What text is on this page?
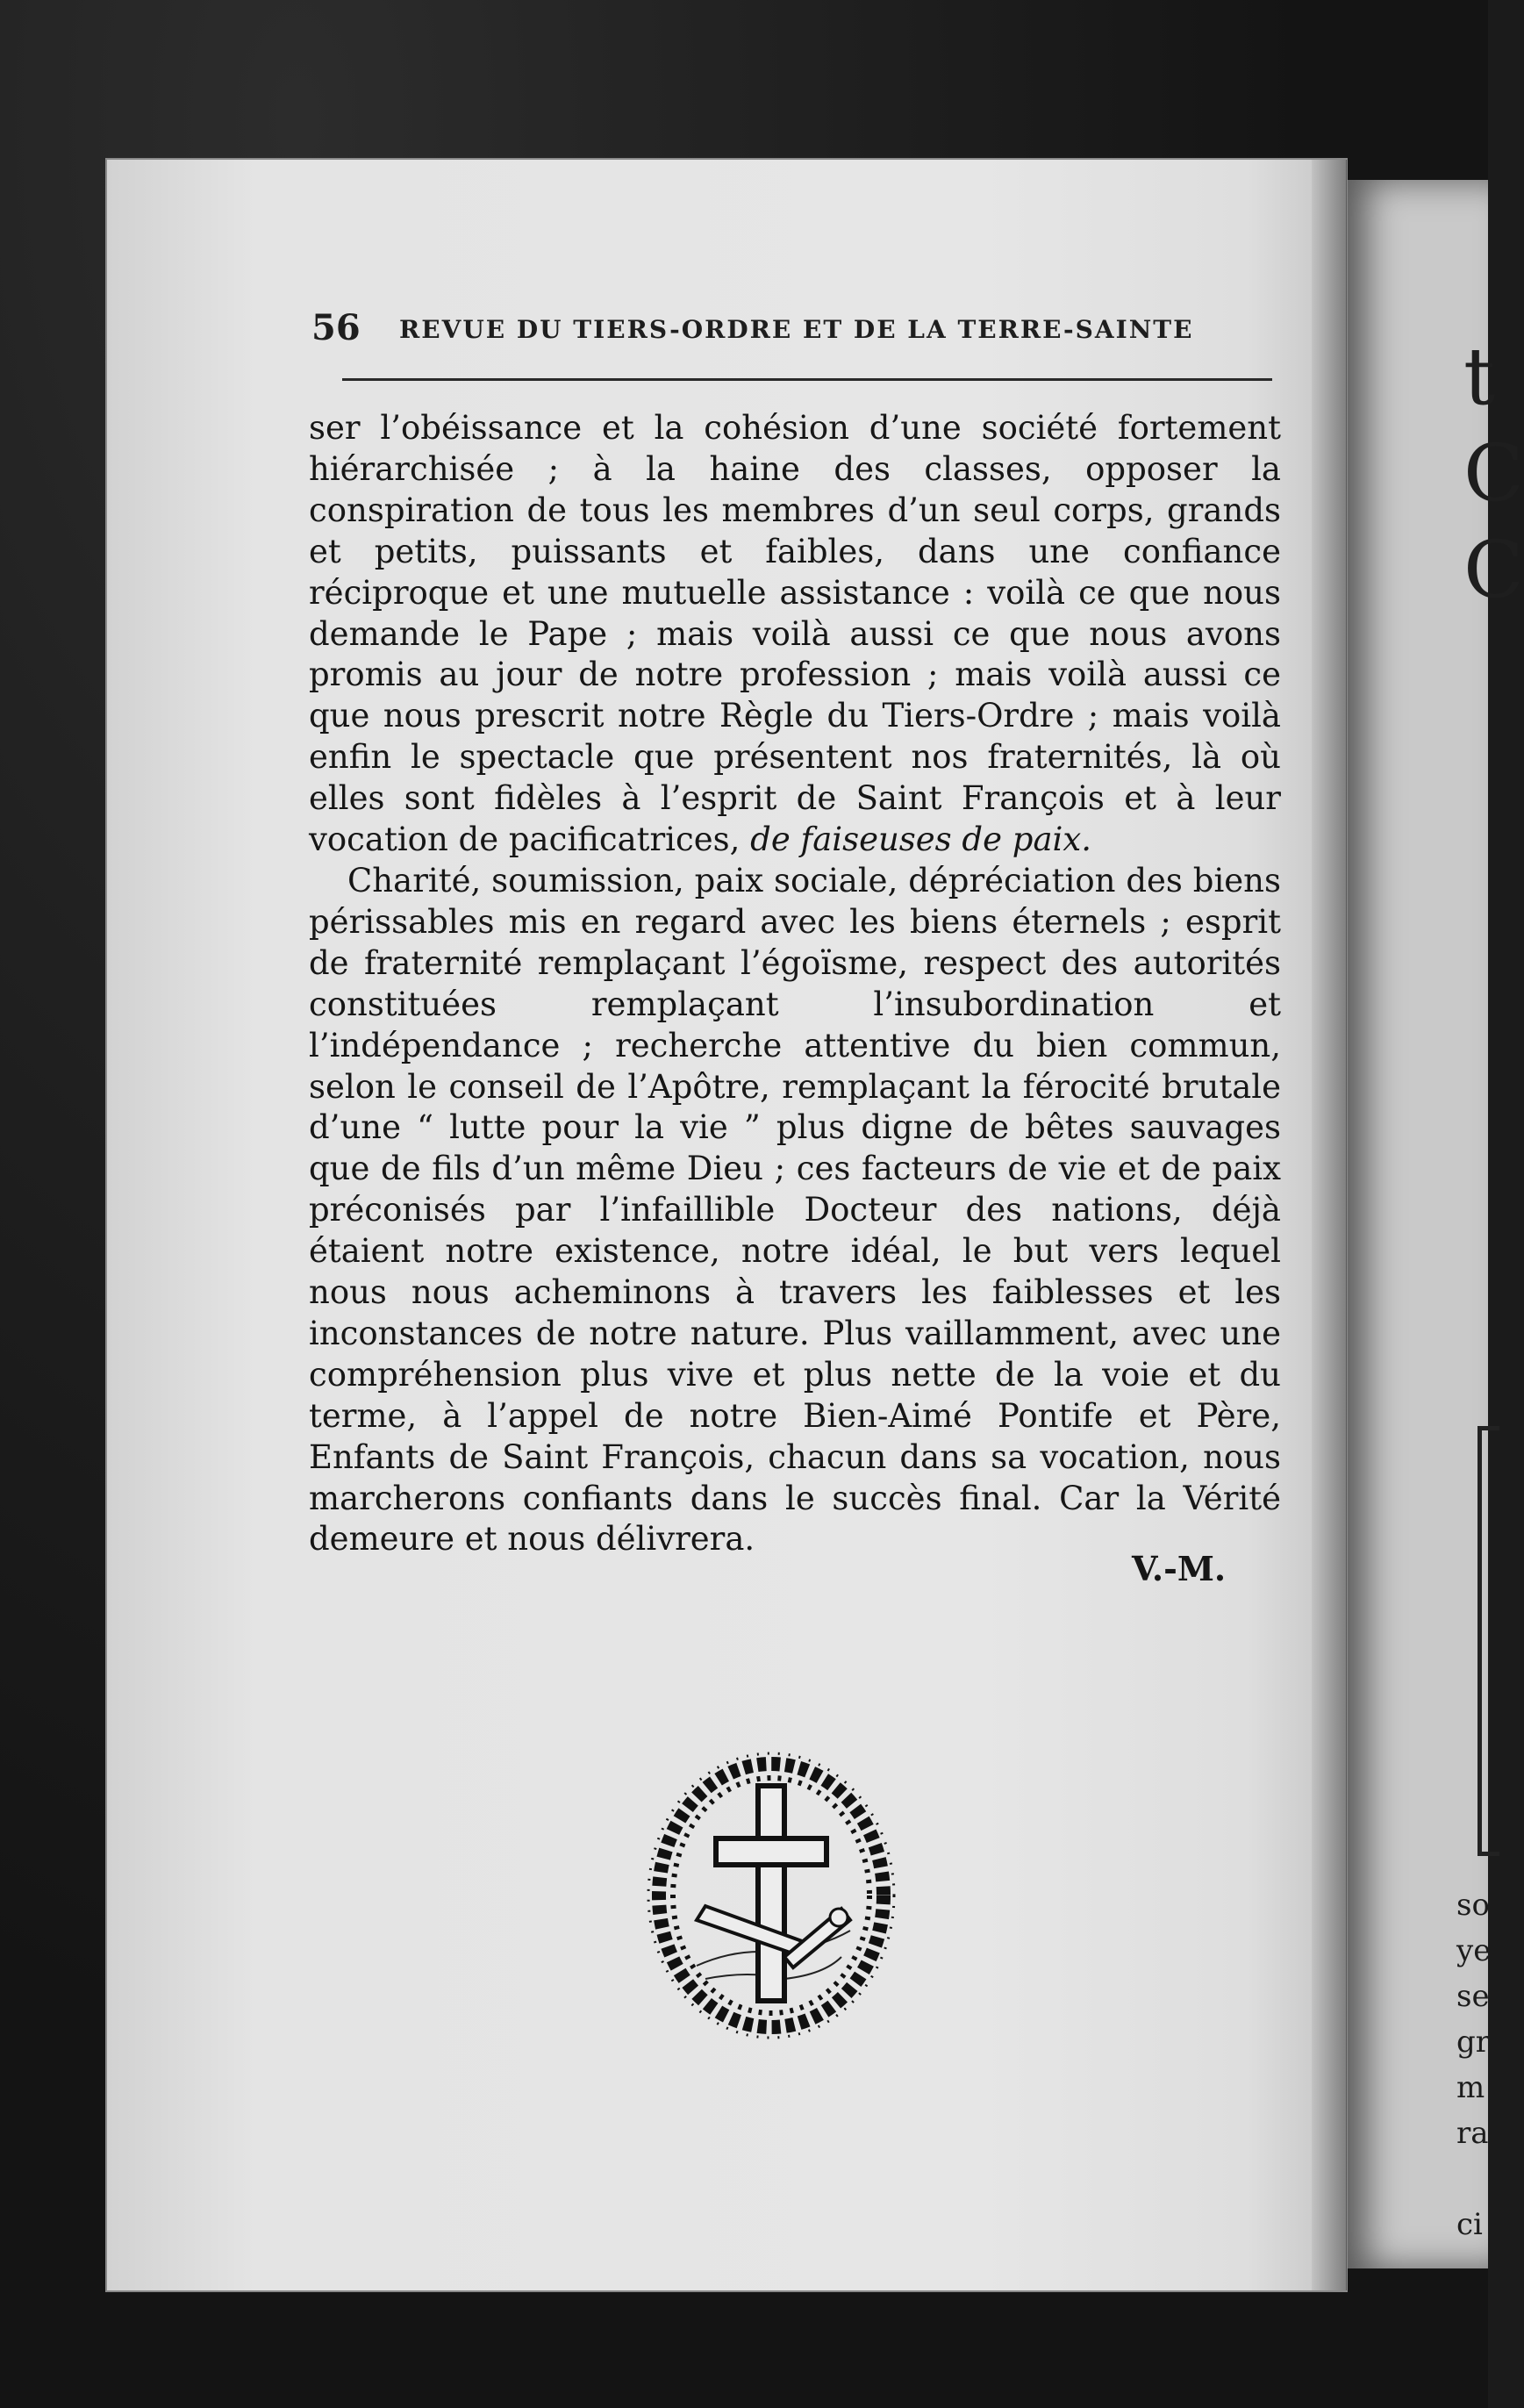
t
C
C
so
ye
se
gr
m
ra

ci
56 REVUE DU TIERS-ORDRE ET DE LA TERRE-SAINTE

ser l’obéissance et la cohésion d’une société fortement hiérarchisée ; à la haine des classes, opposer la conspiration de tous les membres d’un seul corps, grands et petits, puissants et faibles, dans une confiance réciproque et une mutuelle assistance : voilà ce que nous demande le Pape ; mais voilà aussi ce que nous avons promis au jour de notre profession ; mais voilà aussi ce que nous prescrit notre Règle du Tiers-Ordre ; mais voilà enfin le spectacle que présentent nos fraternités, là où elles sont fidèles à l’esprit de Saint François et à leur vocation de pacificatrices, de faiseuses de paix.

Charité, soumission, paix sociale, dépréciation des biens périssables mis en regard avec les biens éternels ; esprit de fraternité remplaçant l’égoïsme, respect des autorités constituées remplaçant l’insubordination et l’indépendance ; recherche attentive du bien commun, selon le conseil de l’Apôtre, remplaçant la férocité brutale d’une “ lutte pour la vie ” plus digne de bêtes sauvages que de fils d’un même Dieu ; ces facteurs de vie et de paix préconisés par l’infaillible Docteur des nations, déjà étaient notre existence, notre idéal, le but vers lequel nous nous acheminons à travers les faiblesses et les inconstances de notre nature. Plus vaillamment, avec une compréhension plus vive et plus nette de la voie et du terme, à l’appel de notre Bien-Aimé Pontife et Père, Enfants de Saint François, chacun dans sa vocation, nous marcherons confiants dans le succès final. Car la Vérité demeure et nous délivrera.

V.-M.
